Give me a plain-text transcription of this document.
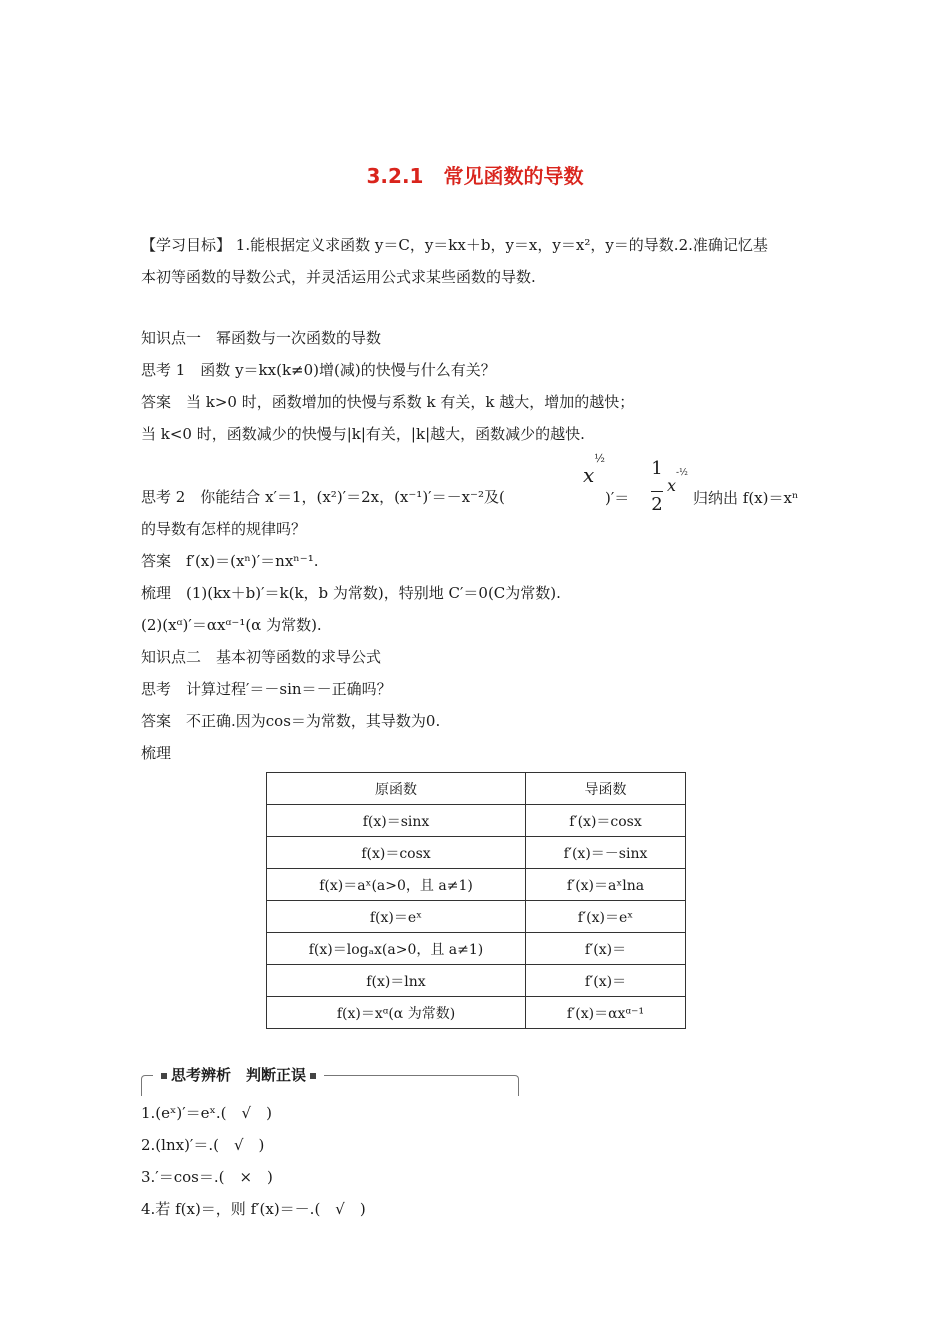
3.2.1　常见函数的导数
【学习目标】 1.能根据定义求函数 y＝C，y＝kx＋b，y＝x，y＝x²，y＝的导数.2.准确记忆基
本初等函数的导数公式，并灵活运用公式求某些函数的导数.
知识点一　幂函数与一次函数的导数
思考 1　函数 y＝kx(k≠0)增(减)的快慢与什么有关？
答案　当 k>0 时，函数增加的快慢与系数 k 有关，k 越大，增加的越快；
当 k<0 时，函数减少的快慢与|k|有关，|k|越大，函数减少的越快.
思考 2　你能结合 x′＝1，(x²)′＝2x，(x⁻¹)′＝－x⁻²及(
$x^{\frac{1}{2}}$
)′＝
1

2
$x^{-\frac{1}{2}}$
归纳出 f(x)＝xⁿ
的导数有怎样的规律吗？
答案　f′(x)＝(xⁿ)′＝nxⁿ⁻¹.
梳理　(1)(kx＋b)′＝k(k，b 为常数)，特别地 C′＝0(C为常数).
(2)(xᵅ)′＝αxᵅ⁻¹(α 为常数).
知识点二　基本初等函数的求导公式
思考　计算过程′＝－sin＝－正确吗？
答案　不正确.因为cos＝为常数，其导数为0.
梳理
原函数	导函数
f(x)＝sinx	f′(x)＝cosx
f(x)＝cosx	f′(x)＝－sinx
f(x)＝aˣ(a>0，且 a≠1)	f′(x)＝aˣlna
f(x)＝eˣ	f′(x)＝eˣ
f(x)＝logₐx(a>0，且 a≠1)	f′(x)＝
f(x)＝lnx	f′(x)＝
f(x)＝xᵅ(α 为常数)	f′(x)＝αxᵅ⁻¹
思考辨析　判断正误
1.(eˣ)′＝eˣ.(　√　)
2.(lnx)′＝.(　√　)
3.′＝cos＝.(　×　)
4.若 f(x)＝，则 f′(x)＝－.(　√　)
